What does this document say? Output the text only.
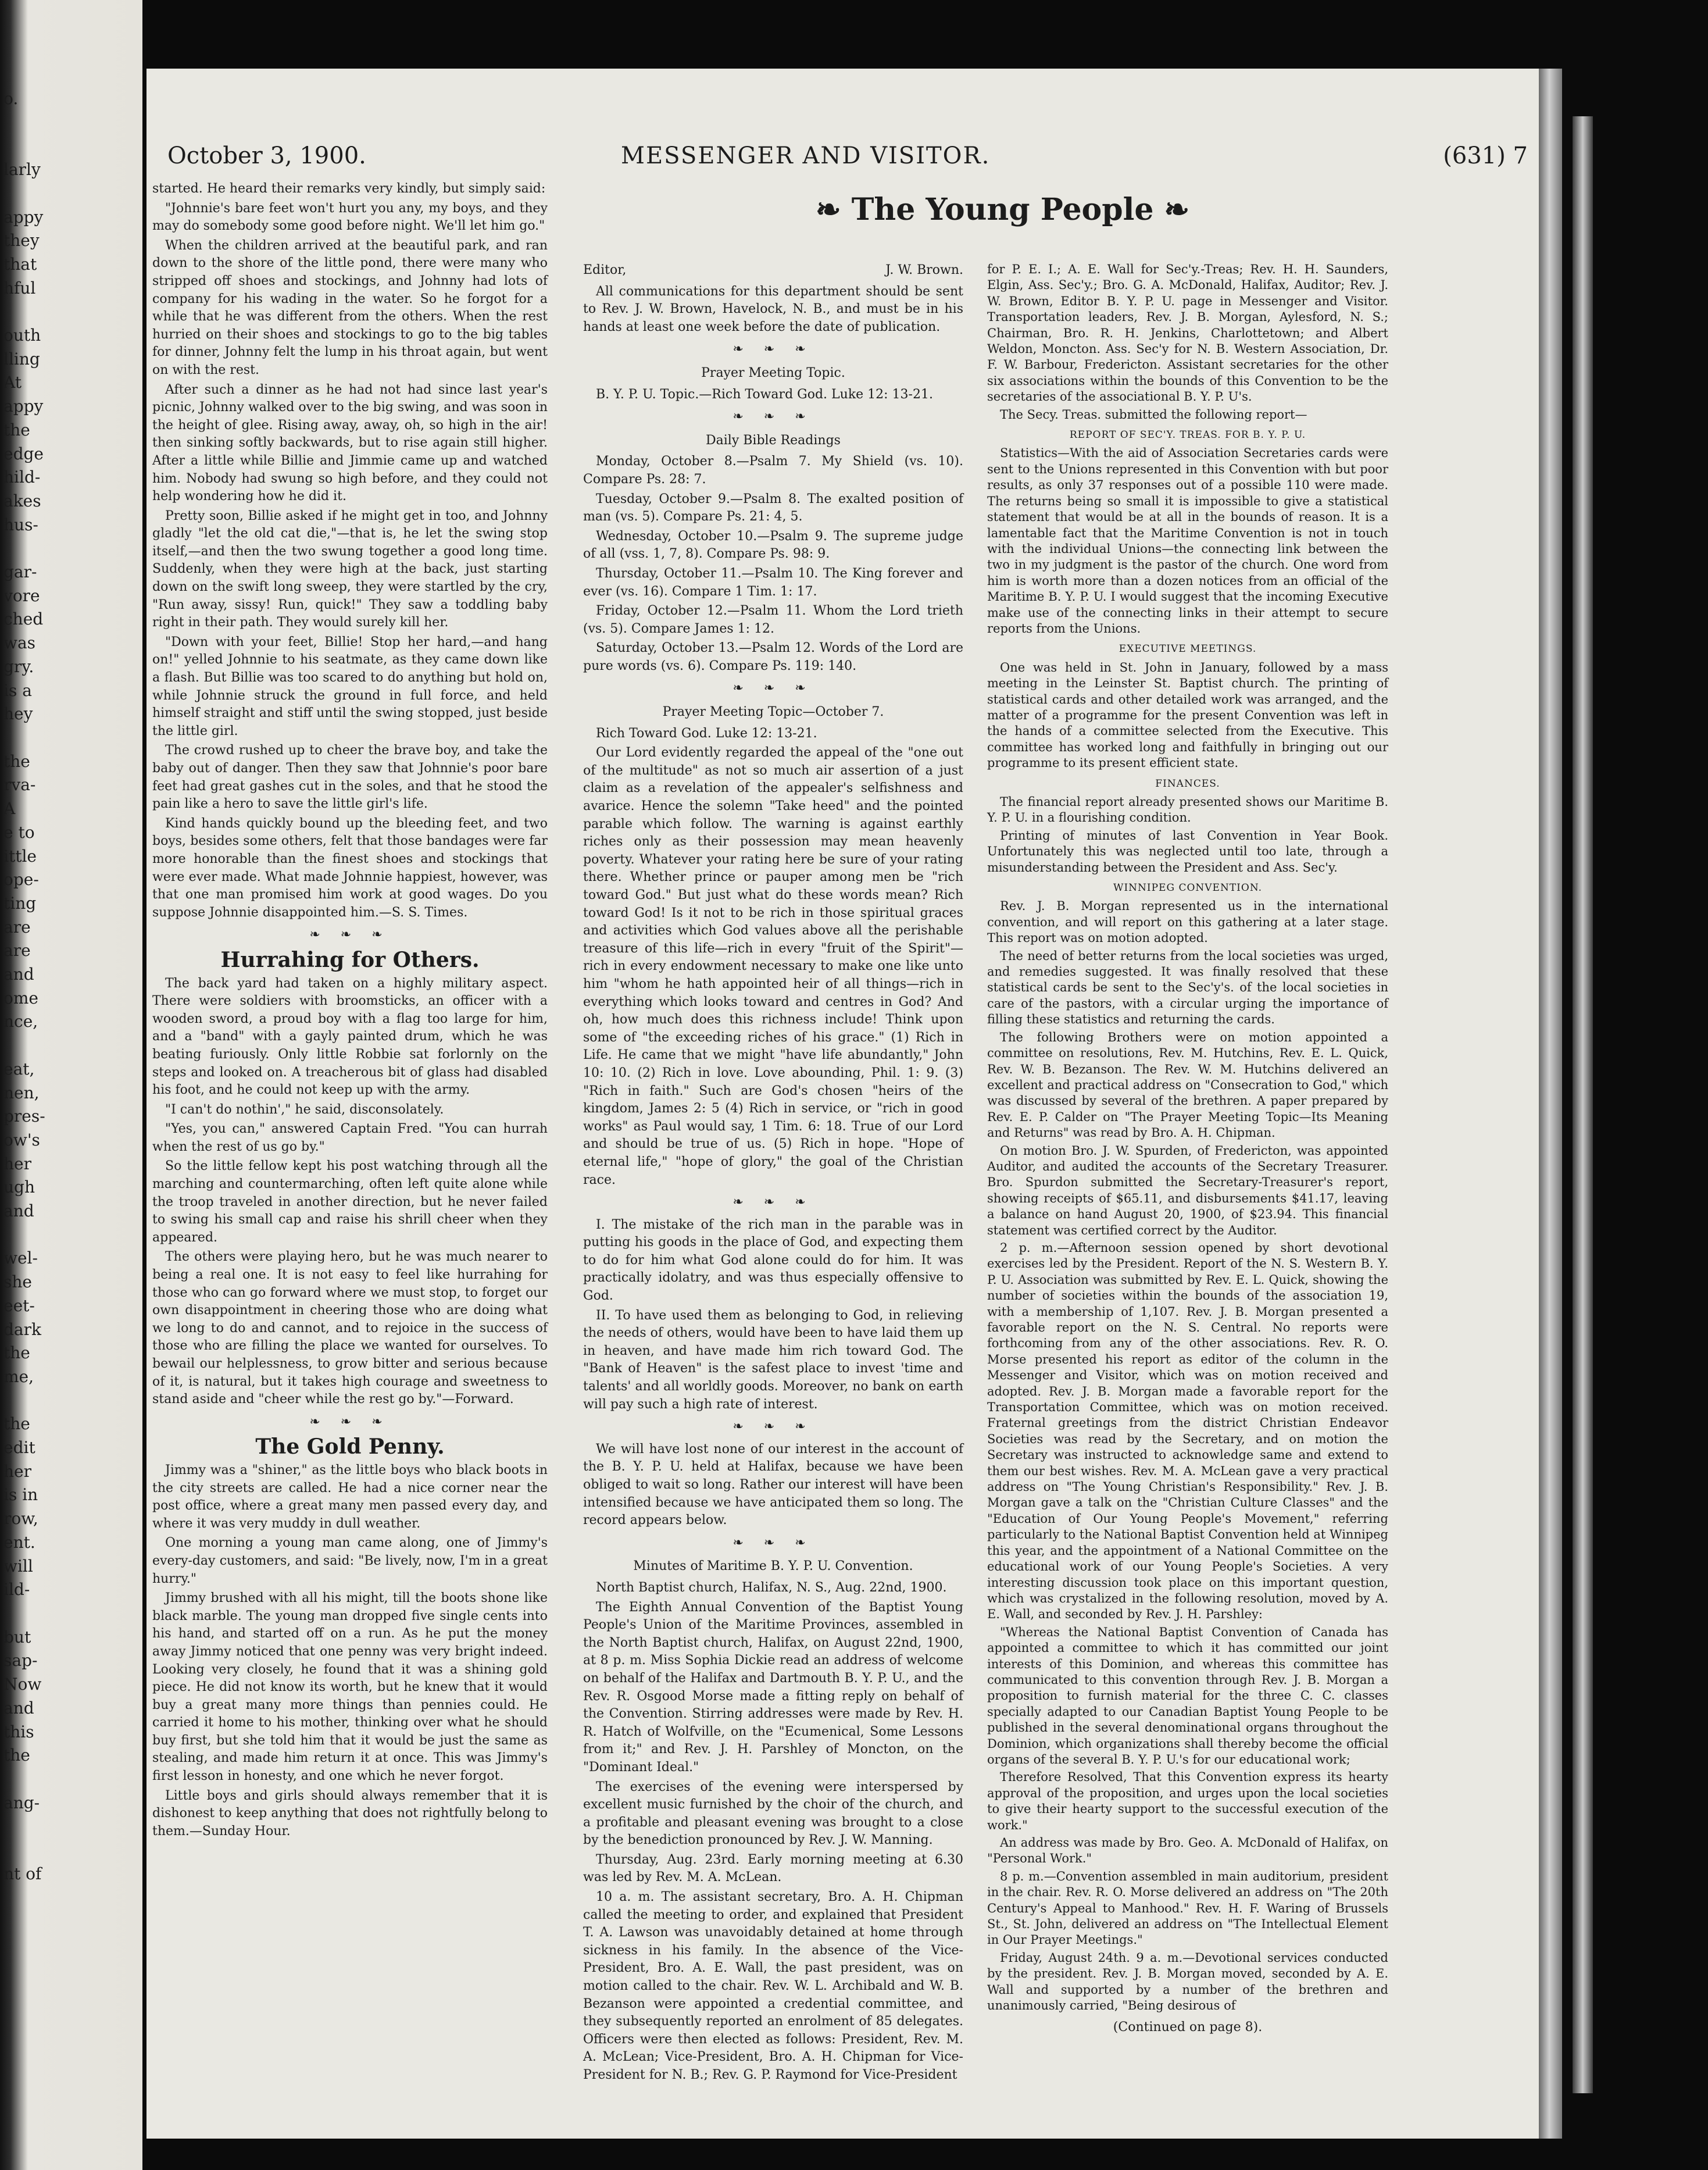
o.

larly

appy
they
that
hful

outh
lling
At
appy
the
edge
hild-
akes
hus-

gar-
vore
ched
was
gry.
is a
hey

the
rva-
A
e to
ittle
ope-
ting
are
are
and
ome
nce,

eat,
nen,
pres-
ow's
her
ugh
and

wel-
she
eet-
dark
the
me,

the
edit
her
is in
row,
ent.
will
ild-

but
sap-
Now
and
this
the

ang-

nt of
October 3, 1900.	MESSENGER AND VISITOR.	(631) 7
❧ The Young People ❧

started. He heard their remarks very kindly, but simply said:

"Johnnie's bare feet won't hurt you any, my boys, and they may do somebody some good before night. We'll let him go."

When the children arrived at the beautiful park, and ran down to the shore of the little pond, there were many who stripped off shoes and stockings, and Johnny had lots of company for his wading in the water. So he forgot for a while that he was different from the others. When the rest hurried on their shoes and stockings to go to the big tables for dinner, Johnny felt the lump in his throat again, but went on with the rest.

After such a dinner as he had not had since last year's picnic, Johnny walked over to the big swing, and was soon in the height of glee. Rising away, away, oh, so high in the air! then sinking softly backwards, but to rise again still higher. After a little while Billie and Jimmie came up and watched him. Nobody had swung so high before, and they could not help wondering how he did it.

Pretty soon, Billie asked if he might get in too, and Johnny gladly "let the old cat die,"—that is, he let the swing stop itself,—and then the two swung together a good long time. Suddenly, when they were high at the back, just starting down on the swift long sweep, they were startled by the cry, "Run away, sissy! Run, quick!" They saw a toddling baby right in their path. They would surely kill her.

"Down with your feet, Billie! Stop her hard,—and hang on!" yelled Johnnie to his seatmate, as they came down like a flash. But Billie was too scared to do anything but hold on, while Johnnie struck the ground in full force, and held himself straight and stiff until the swing stopped, just beside the little girl.

The crowd rushed up to cheer the brave boy, and take the baby out of danger. Then they saw that Johnnie's poor bare feet had great gashes cut in the soles, and that he stood the pain like a hero to save the little girl's life.

Kind hands quickly bound up the bleeding feet, and two boys, besides some others, felt that those bandages were far more honorable than the finest shoes and stockings that were ever made. What made Johnnie happiest, however, was that one man promised him work at good wages. Do you suppose Johnnie disappointed him.—S. S. Times.

❧ ❧ ❧
Hurrahing for Others.

The back yard had taken on a highly military aspect. There were soldiers with broomsticks, an officer with a wooden sword, a proud boy with a flag too large for him, and a "band" with a gayly painted drum, which he was beating furiously. Only little Robbie sat forlornly on the steps and looked on. A treacherous bit of glass had disabled his foot, and he could not keep up with the army.

"I can't do nothin'," he said, disconsolately.

"Yes, you can," answered Captain Fred. "You can hurrah when the rest of us go by."

So the little fellow kept his post watching through all the marching and countermarching, often left quite alone while the troop traveled in another direction, but he never failed to swing his small cap and raise his shrill cheer when they appeared.

The others were playing hero, but he was much nearer to being a real one. It is not easy to feel like hurrahing for those who can go forward where we must stop, to forget our own disappointment in cheering those who are doing what we long to do and cannot, and to rejoice in the success of those who are filling the place we wanted for ourselves. To bewail our helplessness, to grow bitter and serious because of it, is natural, but it takes high courage and sweetness to stand aside and "cheer while the rest go by."—Forward.

❧ ❧ ❧
The Gold Penny.

Jimmy was a "shiner," as the little boys who black boots in the city streets are called. He had a nice corner near the post office, where a great many men passed every day, and where it was very muddy in dull weather.

One morning a young man came along, one of Jimmy's every-day customers, and said: "Be lively, now, I'm in a great hurry."

Jimmy brushed with all his might, till the boots shone like black marble. The young man dropped five single cents into his hand, and started off on a run. As he put the money away Jimmy noticed that one penny was very bright indeed. Looking very closely, he found that it was a shining gold piece. He did not know its worth, but he knew that it would buy a great many more things than pennies could. He carried it home to his mother, thinking over what he should buy first, but she told him that it would be just the same as stealing, and made him return it at once. This was Jimmy's first lesson in honesty, and one which he never forgot.

Little boys and girls should always remember that it is dishonest to keep anything that does not rightfully belong to them.—Sunday Hour.

Editor,	J. W. Brown.

All communications for this department should be sent to Rev. J. W. Brown, Havelock, N. B., and must be in his hands at least one week before the date of publication.

❧ ❧ ❧
Prayer Meeting Topic.

B. Y. P. U. Topic.—Rich Toward God. Luke 12: 13-21.

❧ ❧ ❧
Daily Bible Readings

Monday, October 8.—Psalm 7. My Shield (vs. 10). Compare Ps. 28: 7.

Tuesday, October 9.—Psalm 8. The exalted position of man (vs. 5). Compare Ps. 21: 4, 5.

Wednesday, October 10.—Psalm 9. The supreme judge of all (vss. 1, 7, 8). Compare Ps. 98: 9.

Thursday, October 11.—Psalm 10. The King forever and ever (vs. 16). Compare 1 Tim. 1: 17.

Friday, October 12.—Psalm 11. Whom the Lord trieth (vs. 5). Compare James 1: 12.

Saturday, October 13.—Psalm 12. Words of the Lord are pure words (vs. 6). Compare Ps. 119: 140.

❧ ❧ ❧
Prayer Meeting Topic—October 7.

Rich Toward God. Luke 12: 13-21.

Our Lord evidently regarded the appeal of the "one out of the multitude" as not so much air assertion of a just claim as a revelation of the appealer's selfishness and avarice. Hence the solemn "Take heed" and the pointed parable which follow. The warning is against earthly riches only as their possession may mean heavenly poverty. Whatever your rating here be sure of your rating there. Whether prince or pauper among men be "rich toward God." But just what do these words mean? Rich toward God! Is it not to be rich in those spiritual graces and activities which God values above all the perishable treasure of this life—rich in every "fruit of the Spirit"—rich in every endowment necessary to make one like unto him "whom he hath appointed heir of all things—rich in everything which looks toward and centres in God? And oh, how much does this richness include! Think upon some of "the exceeding riches of his grace." (1) Rich in Life. He came that we might "have life abundantly," John 10: 10. (2) Rich in love. Love abounding, Phil. 1: 9. (3) "Rich in faith." Such are God's chosen "heirs of the kingdom, James 2: 5 (4) Rich in service, or "rich in good works" as Paul would say, 1 Tim. 6: 18. True of our Lord and should be true of us. (5) Rich in hope. "Hope of eternal life," "hope of glory," the goal of the Christian race.

❧ ❧ ❧

I. The mistake of the rich man in the parable was in putting his goods in the place of God, and expecting them to do for him what God alone could do for him. It was practically idolatry, and was thus especially offensive to God.

II. To have used them as belonging to God, in relieving the needs of others, would have been to have laid them up in heaven, and have made him rich toward God. The "Bank of Heaven" is the safest place to invest 'time and talents' and all worldly goods. Moreover, no bank on earth will pay such a high rate of interest.

❧ ❧ ❧

We will have lost none of our interest in the account of the B. Y. P. U. held at Halifax, because we have been obliged to wait so long. Rather our interest will have been intensified because we have anticipated them so long. The record appears below.

❧ ❧ ❧
Minutes of Maritime B. Y. P. U. Convention.

North Baptist church, Halifax, N. S., Aug. 22nd, 1900.

The Eighth Annual Convention of the Baptist Young People's Union of the Maritime Provinces, assembled in the North Baptist church, Halifax, on August 22nd, 1900, at 8 p. m. Miss Sophia Dickie read an address of welcome on behalf of the Halifax and Dartmouth B. Y. P. U., and the Rev. R. Osgood Morse made a fitting reply on behalf of the Convention. Stirring addresses were made by Rev. H. R. Hatch of Wolfville, on the "Ecumenical, Some Lessons from it;" and Rev. J. H. Parshley of Moncton, on the "Dominant Ideal."

The exercises of the evening were interspersed by excellent music furnished by the choir of the church, and a profitable and pleasant evening was brought to a close by the benediction pronounced by Rev. J. W. Manning.

Thursday, Aug. 23rd. Early morning meeting at 6.30 was led by Rev. M. A. McLean.

10 a. m. The assistant secretary, Bro. A. H. Chipman called the meeting to order, and explained that President T. A. Lawson was unavoidably detained at home through sickness in his family. In the absence of the Vice-President, Bro. A. E. Wall, the past president, was on motion called to the chair. Rev. W. L. Archibald and W. B. Bezanson were appointed a credential committee, and they subsequently reported an enrolment of 85 delegates. Officers were then elected as follows: President, Rev. M. A. McLean; Vice-President, Bro. A. H. Chipman for Vice-President for N. B.; Rev. G. P. Raymond for Vice-President

for P. E. I.; A. E. Wall for Sec'y.-Treas; Rev. H. H. Saunders, Elgin, Ass. Sec'y.; Bro. G. A. McDonald, Halifax, Auditor; Rev. J. W. Brown, Editor B. Y. P. U. page in Messenger and Visitor. Transportation leaders, Rev. J. B. Morgan, Aylesford, N. S.; Chairman, Bro. R. H. Jenkins, Charlottetown; and Albert Weldon, Moncton. Ass. Sec'y for N. B. Western Association, Dr. F. W. Barbour, Fredericton. Assistant secretaries for the other six associations within the bounds of this Convention to be the secretaries of the associational B. Y. P. U's.

The Secy. Treas. submitted the following report—

REPORT OF SEC'Y. TREAS. FOR B. Y. P. U.

Statistics—With the aid of Association Secretaries cards were sent to the Unions represented in this Convention with but poor results, as only 37 responses out of a possible 110 were made. The returns being so small it is impossible to give a statistical statement that would be at all in the bounds of reason. It is a lamentable fact that the Maritime Convention is not in touch with the individual Unions—the connecting link between the two in my judgment is the pastor of the church. One word from him is worth more than a dozen notices from an official of the Maritime B. Y. P. U. I would suggest that the incoming Executive make use of the connecting links in their attempt to secure reports from the Unions.

EXECUTIVE MEETINGS.

One was held in St. John in January, followed by a mass meeting in the Leinster St. Baptist church. The printing of statistical cards and other detailed work was arranged, and the matter of a programme for the present Convention was left in the hands of a committee selected from the Executive. This committee has worked long and faithfully in bringing out our programme to its present efficient state.

FINANCES.

The financial report already presented shows our Maritime B. Y. P. U. in a flourishing condition.

Printing of minutes of last Convention in Year Book. Unfortunately this was neglected until too late, through a misunderstanding between the President and Ass. Sec'y.

WINNIPEG CONVENTION.

Rev. J. B. Morgan represented us in the international convention, and will report on this gathering at a later stage. This report was on motion adopted.

The need of better returns from the local societies was urged, and remedies suggested. It was finally resolved that these statistical cards be sent to the Sec'y's. of the local societies in care of the pastors, with a circular urging the importance of filling these statistics and returning the cards.

The following Brothers were on motion appointed a committee on resolutions, Rev. M. Hutchins, Rev. E. L. Quick, Rev. W. B. Bezanson. The Rev. W. M. Hutchins delivered an excellent and practical address on "Consecration to God," which was discussed by several of the brethren. A paper prepared by Rev. E. P. Calder on "The Prayer Meeting Topic—Its Meaning and Returns" was read by Bro. A. H. Chipman.

On motion Bro. J. W. Spurden, of Fredericton, was appointed Auditor, and audited the accounts of the Secretary Treasurer. Bro. Spurdon submitted the Secretary-Treasurer's report, showing receipts of $65.11, and disbursements $41.17, leaving a balance on hand August 20, 1900, of $23.94. This financial statement was certified correct by the Auditor.

2 p. m.—Afternoon session opened by short devotional exercises led by the President. Report of the N. S. Western B. Y. P. U. Association was submitted by Rev. E. L. Quick, showing the number of societies within the bounds of the association 19, with a membership of 1,107. Rev. J. B. Morgan presented a favorable report on the N. S. Central. No reports were forthcoming from any of the other associations. Rev. R. O. Morse presented his report as editor of the column in the Messenger and Visitor, which was on motion received and adopted. Rev. J. B. Morgan made a favorable report for the Transportation Committee, which was on motion received. Fraternal greetings from the district Christian Endeavor Societies was read by the Secretary, and on motion the Secretary was instructed to acknowledge same and extend to them our best wishes. Rev. M. A. McLean gave a very practical address on "The Young Christian's Responsibility." Rev. J. B. Morgan gave a talk on the "Christian Culture Classes" and the "Education of Our Young People's Movement," referring particularly to the National Baptist Convention held at Winnipeg this year, and the appointment of a National Committee on the educational work of our Young People's Societies. A very interesting discussion took place on this important question, which was crystalized in the following resolution, moved by A. E. Wall, and seconded by Rev. J. H. Parshley:

"Whereas the National Baptist Convention of Canada has appointed a committee to which it has committed our joint interests of this Dominion, and whereas this committee has communicated to this convention through Rev. J. B. Morgan a proposition to furnish material for the three C. C. classes specially adapted to our Canadian Baptist Young People to be published in the several denominational organs throughout the Dominion, which organizations shall thereby become the official organs of the several B. Y. P. U.'s for our educational work;

Therefore Resolved, That this Convention express its hearty approval of the proposition, and urges upon the local societies to give their hearty support to the successful execution of the work."

An address was made by Bro. Geo. A. McDonald of Halifax, on "Personal Work."

8 p. m.—Convention assembled in main auditorium, president in the chair. Rev. R. O. Morse delivered an address on "The 20th Century's Appeal to Manhood." Rev. H. F. Waring of Brussels St., St. John, delivered an address on "The Intellectual Element in Our Prayer Meetings."

Friday, August 24th. 9 a. m.—Devotional services conducted by the president. Rev. J. B. Morgan moved, seconded by A. E. Wall and supported by a number of the brethren and unanimously carried, "Being desirous of

(Continued on page 8).
